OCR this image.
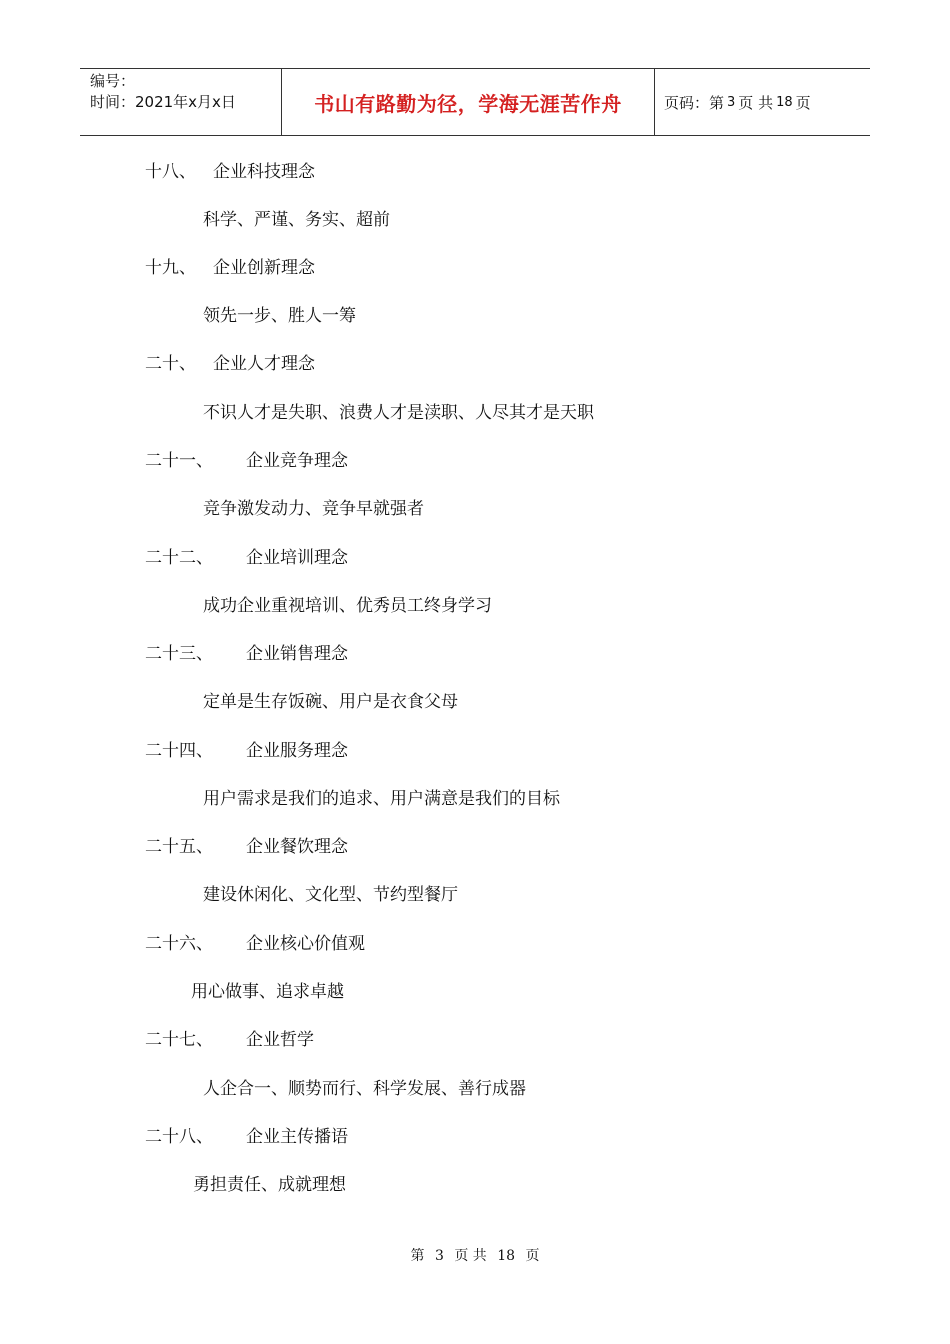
编号：
时间：2021年x月x日	书山有路勤为径，学海无涯苦作舟	页码：第 3 页 共 18 页
十八、 企业科技理念
科学、严谨、务实、超前
十九、 企业创新理念
领先一步、胜人一筹
二十、 企业人才理念
不识人才是失职、浪费人才是渎职、人尽其才是天职
二十一、 企业竞争理念
竞争激发动力、竞争早就强者
二十二、 企业培训理念
成功企业重视培训、优秀员工终身学习
二十三、 企业销售理念
定单是生存饭碗、用户是衣食父母
二十四、 企业服务理念
用户需求是我们的追求、用户满意是我们的目标
二十五、 企业餐饮理念
建设休闲化、文化型、节约型餐厅
二十六、 企业核心价值观
用心做事、追求卓越
二十七、 企业哲学
人企合一、顺势而行、科学发展、善行成器
二十八、 企业主传播语
勇担责任、成就理想
第 3 页 共 18 页
